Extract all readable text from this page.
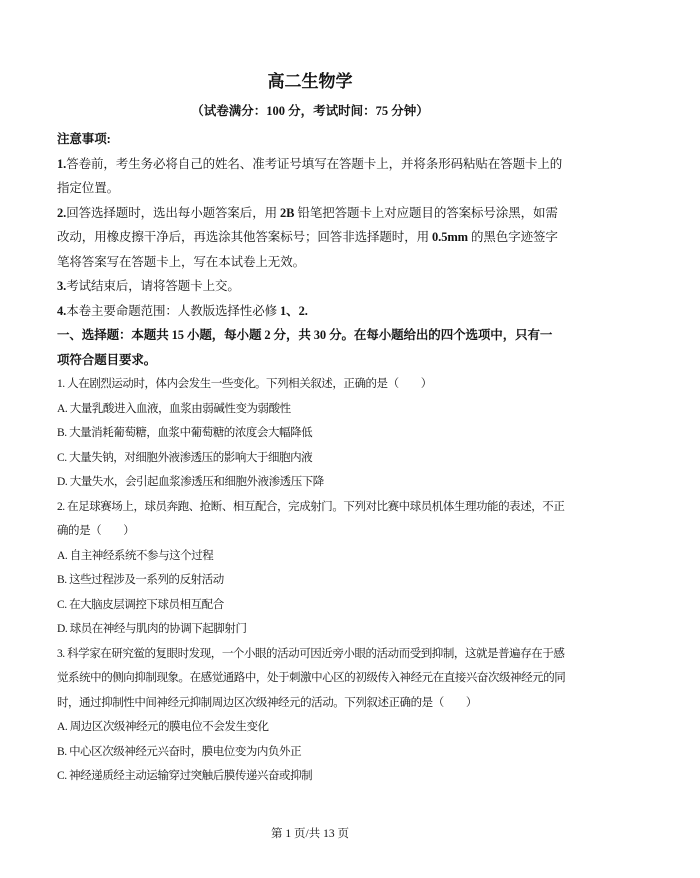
高二生物学
（试卷满分：100 分，考试时间：75 分钟）
注意事项:
1.答卷前，考生务必将自己的姓名、准考证号填写在答题卡上，并将条形码粘贴在答题卡上的
指定位置。
2.回答选择题时，选出每小题答案后，用 2B 铅笔把答题卡上对应题目的答案标号涂黑，如需
改动，用橡皮擦干净后，再选涂其他答案标号；回答非选择题时，用 0.5mm 的黑色字迹签字
笔将答案写在答题卡上，写在本试卷上无效。
3.考试结束后，请将答题卡上交。
4.本卷主要命题范围：人教版选择性必修 1、2.
一、选择题：本题共 15 小题，每小题 2 分，共 30 分。在每小题给出的四个选项中，只有一
项符合题目要求。
1. 人在剧烈运动时，体内会发生一些变化。下列相关叙述，正确的是（　　）
A. 大量乳酸进入血液，血浆由弱碱性变为弱酸性
B. 大量消耗葡萄糖，血浆中葡萄糖的浓度会大幅降低
C. 大量失钠，对细胞外液渗透压的影响大于细胞内液
D. 大量失水，会引起血浆渗透压和细胞外液渗透压下降
2. 在足球赛场上，球员奔跑、抢断、相互配合，完成射门。下列对比赛中球员机体生理功能的表述，不正
确的是（　　）
A. 自主神经系统不参与这个过程
B. 这些过程涉及一系列的反射活动
C. 在大脑皮层调控下球员相互配合
D. 球员在神经与肌肉的协调下起脚射门
3. 科学家在研究鲎的复眼时发现，一个小眼的活动可因近旁小眼的活动而受到抑制，这就是普遍存在于感
觉系统中的侧向抑制现象。在感觉通路中，处于刺激中心区的初级传入神经元在直接兴奋次级神经元的同
时，通过抑制性中间神经元抑制周边区次级神经元的活动。下列叙述正确的是（　　）
A. 周边区次级神经元的膜电位不会发生变化
B. 中心区次级神经元兴奋时，膜电位变为内负外正
C. 神经递质经主动运输穿过突触后膜传递兴奋或抑制
第 1 页/共 13 页
